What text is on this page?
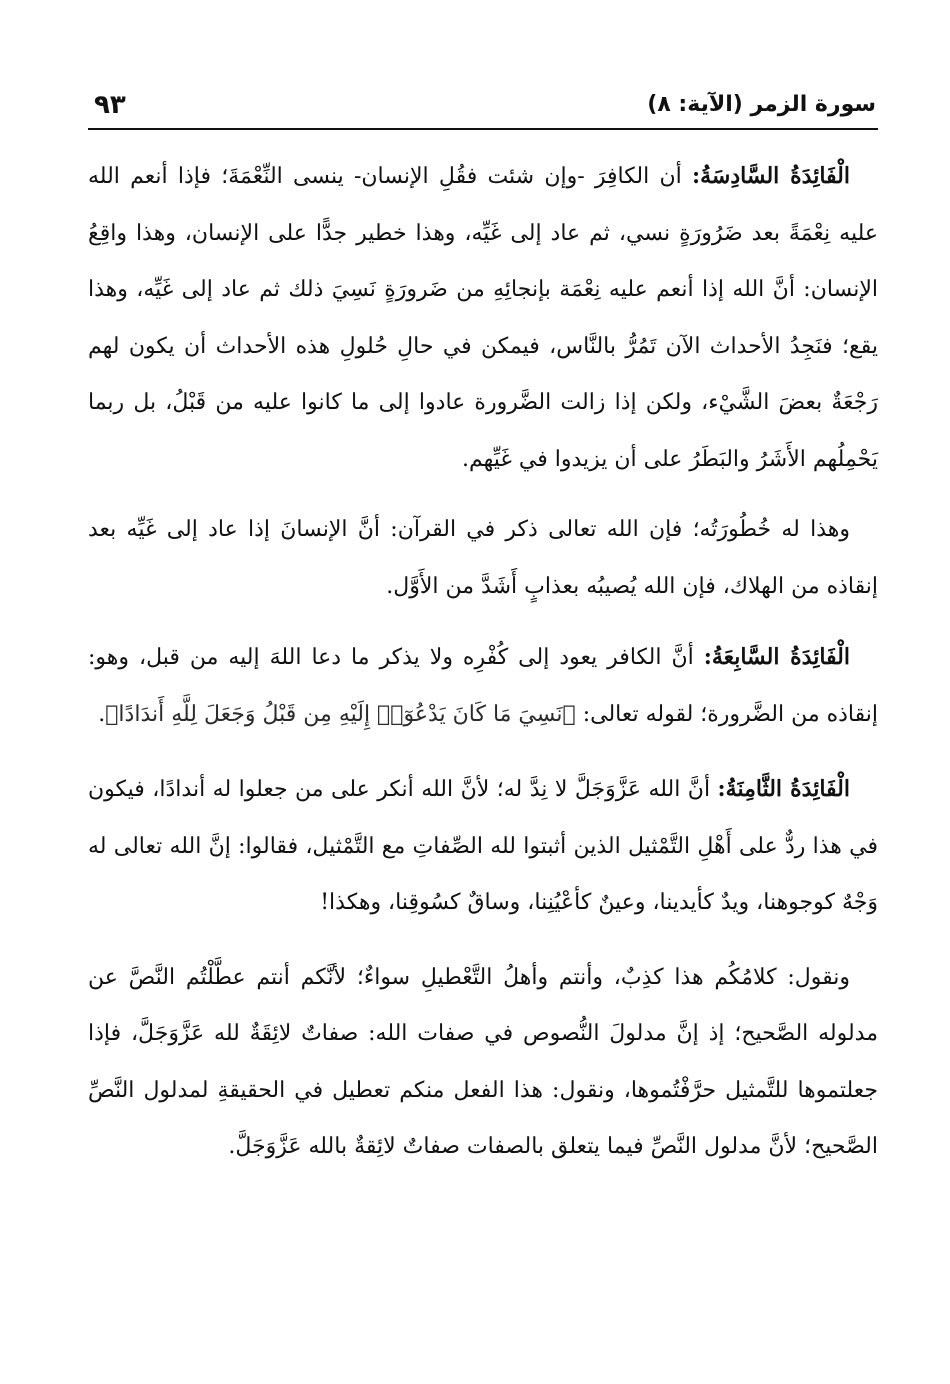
٩٣	سورة الزمر (الآية: ٨)

الْفَائِدَةُ السَّادِسَةُ: أن الكافِرَ -وإن شئت فقُلِ الإنسان- ينسى النِّعْمَةَ؛ فإذا أنعم الله عليه نِعْمَةً بعد ضَرُورَةٍ نسي، ثم عاد إلى غَيِّه، وهذا خطير جدًّا على الإنسان، وهذا واقِعُ الإنسان: أنَّ الله إذا أنعم عليه نِعْمَة بإنجائِهِ من ضَرورَةٍ نَسِيَ ذلك ثم عاد إلى غَيِّه، وهذا يقع؛ فنَجِدُ الأحداث الآن تَمُرُّ بالنَّاس، فيمكن في حالِ حُلولِ هذه الأحداث أن يكون لهم رَجْعَةٌ بعضَ الشَّيْء، ولكن إذا زالت الضَّرورة عادوا إلى ما كانوا عليه من قَبْلُ، بل ربما يَحْمِلُهم الأَشَرُ والبَطَرُ على أن يزيدوا في غَيِّهم.

وهذا له خُطُورَتُه؛ فإن الله تعالى ذكر في القرآن: أنَّ الإنسانَ إذا عاد إلى غَيِّه بعد إنقاذه من الهلاك، فإن الله يُصيبُه بعذابٍ أَشَدَّ من الأَوَّل.

الْفَائِدَةُ السَّابِعَةُ: أنَّ الكافر يعود إلى كُفْرِه ولا يذكر ما دعا اللهَ إليه من قبل، وهو: إنقاذه من الضَّرورة؛ لقوله تعالى: ﴿نَسِيَ مَا كَانَ يَدْعُوٓا۟ إِلَيْهِ مِن قَبْلُ وَجَعَلَ لِلَّهِ أَندَادًا﴾.

الْفَائِدَةُ الثَّامِنَةُ: أنَّ الله عَزَّوَجَلَّ لا نِدَّ له؛ لأنَّ الله أنكر على من جعلوا له أندادًا، فيكون في هذا ردٌّ على أَهْلِ التَّمْثيل الذين أثبتوا لله الصِّفاتِ مع التَّمْثيل، فقالوا: إنَّ الله تعالى له وَجْهٌ كوجوهنا، ويدٌ كأيدينا، وعينٌ كأعْيُنِنا، وساقٌ كسُوقِنا، وهكذا!

ونقول: كلامُكُم هذا كذِبٌ، وأنتم وأهلُ التَّعْطيلِ سواءٌ؛ لأنَّكم أنتم عطَّلْتُم النَّصَّ عن مدلوله الصَّحيح؛ إذ إنَّ مدلولَ النُّصوص في صفات الله: صفاتٌ لائِقَةٌ لله عَزَّوَجَلَّ، فإذا جعلتموها للتَّمثيل حرَّفْتُموها، ونقول: هذا الفعل منكم تعطيل في الحقيقةِ لمدلول النَّصِّ الصَّحيح؛ لأنَّ مدلول النَّصِّ فيما يتعلق بالصفات صفاتٌ لائِقةٌ بالله عَزَّوَجَلَّ.
